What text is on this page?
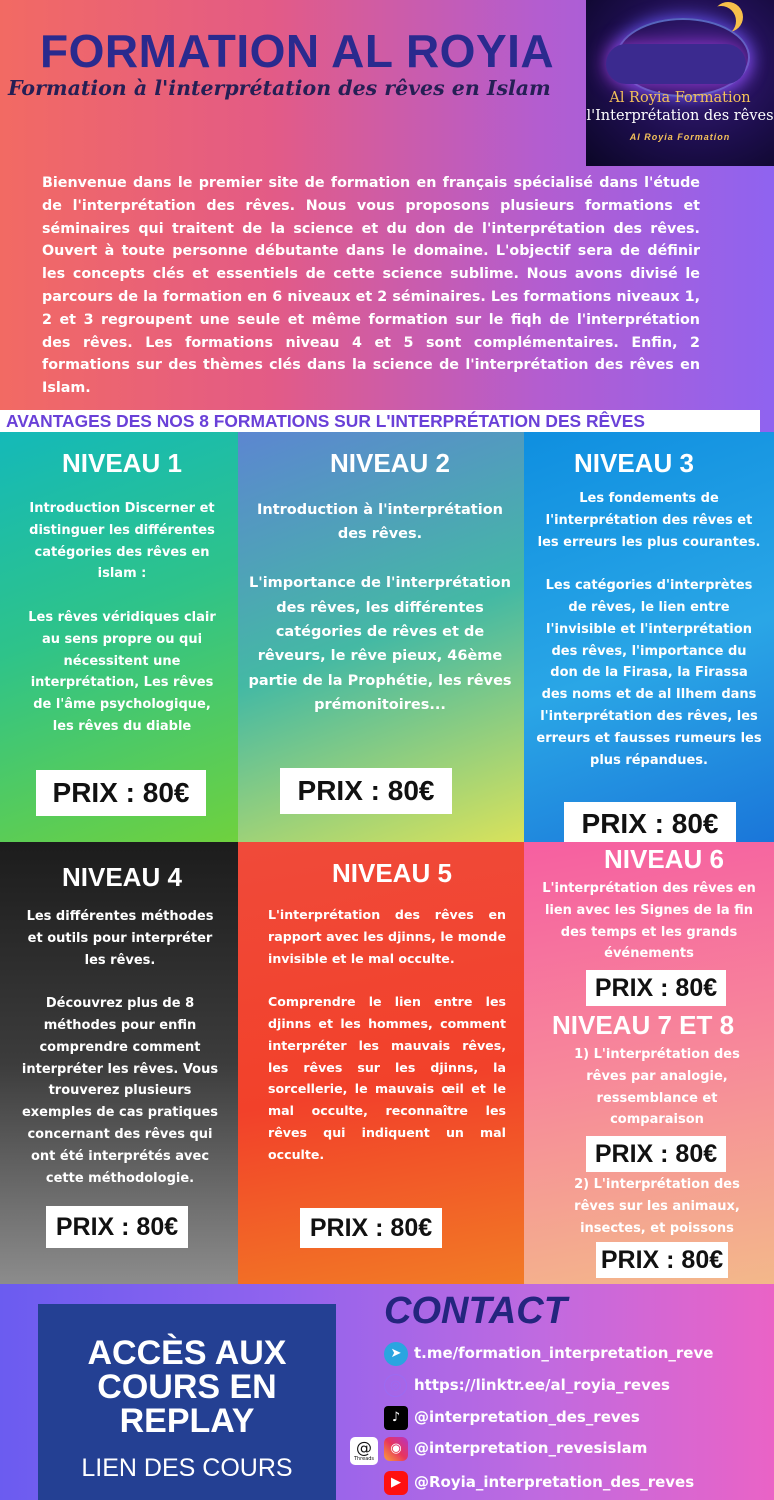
FORMATION AL ROYIA
Formation à l'interprétation des rêves en Islam	Al Royia Formation
l'Interprétation des rêves
Al Royia Formation
Bienvenue dans le premier site de formation en français spécialisé dans l'étude de l'interprétation des rêves. Nous vous proposons plusieurs formations et séminaires qui traitent de la science et du don de l'interprétation des rêves. Ouvert à toute personne débutante dans le domaine. L'objectif sera de définir les concepts clés et essentiels de cette science sublime. Nous avons divisé le parcours de la formation en 6 niveaux et 2 séminaires. Les formations niveaux 1, 2 et 3 regroupent une seule et même formation sur le fiqh de l'interprétation des rêves. Les formations niveau 4 et 5 sont complémentaires. Enfin, 2 formations sur des thèmes clés dans la science de l'interprétation des rêves en Islam.
AVANTAGES DES NOS 8 FORMATIONS SUR L'INTERPRÉTATION DES RÊVES
NIVEAU 1
Introduction Discerner et distinguer les différentes catégories des rêves en islam :

Les rêves véridiques clair au sens propre ou qui nécessitent une interprétation, Les rêves de l'âme psychologique, les rêves du diable
PRIX : 80€
NIVEAU 2
Introduction à l'interprétation des rêves.

L'importance de l'interprétation des rêves, les différentes catégories de rêves et de rêveurs, le rêve pieux, 46ème partie de la Prophétie, les rêves prémonitoires...
PRIX : 80€
NIVEAU 3
Les fondements de l'interprétation des rêves et les erreurs les plus courantes.

Les catégories d'interprètes de rêves, le lien entre l'invisible et l'interprétation des rêves, l'importance du don de la Firasa, la Firassa des noms et de al Ilhem dans l'interprétation des rêves, les erreurs et fausses rumeurs les plus répandues.
PRIX : 80€
NIVEAU 4
Les différentes méthodes et outils pour interpréter les rêves.

Découvrez plus de 8 méthodes pour enfin comprendre comment interpréter les rêves. Vous trouverez plusieurs exemples de cas pratiques concernant des rêves qui ont été interprétés avec cette méthodologie.
PRIX : 80€
NIVEAU 5
L'interprétation des rêves en rapport avec les djinns, le monde invisible et le mal occulte.

Comprendre le lien entre les djinns et les hommes, comment interpréter les mauvais rêves, les rêves sur les djinns, la sorcellerie, le mauvais œil et le mal occulte, reconnaître les rêves qui indiquent un mal occulte.
PRIX : 80€
NIVEAU 6
L'interprétation des rêves en lien avec les Signes de la fin des temps et les grands événements
PRIX : 80€
NIVEAU 7 ET 8
1) L'interprétation des rêves par analogie, ressemblance et comparaison
PRIX : 80€
2) L'interprétation des rêves sur les animaux, insectes, et poissons
PRIX : 80€
ACCÈS AUX COURS EN REPLAY
LIEN DES COURS
CONTACT
➤ t.me/formation_interpretation_reve
◎ https://linktr.ee/al_royia_reves
♪ @interpretation_des_reves
@
Threads
◉ @interpretation_revesislam
▶ @Royia_interpretation_des_reves
